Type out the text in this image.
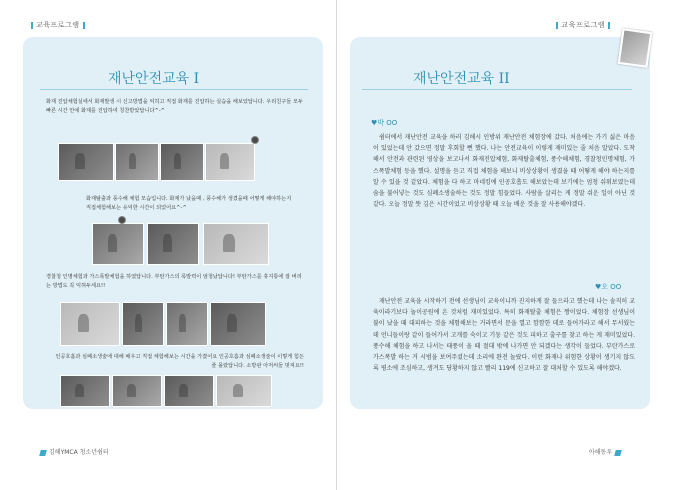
교육프로그램
재난안전교육 I
화재 진압체험실에서 화재발생 시 신고방법을 익히고 직접 화재를 진압하는 실습을 해보았답니다. 우리친구들 모두 빠른 시간 안에 화재를 진압하여 칭찬받았답니다^-^
화재탈출과 풍수해 체험 모습입니다. 화재가 났을때 , 풍수해가 생겼을때 어떻게 해야하는지 직접체험해보는 유익한 시간이 되었어요^-^
경찰청 인명체험과 가스폭발체험을 하였답니다. 부탄가스의 폭발력이 엄청났답니다! 부탄가스를 휴지통에 잘 버리는 방법도 꼭 익혀두세요!!
인공호흡과 심폐소생술에 대해 배우고 직접 체험해보는 시간을 가졌어요 인공호흡과 심폐소생술이 이렇게 힘든 줄 몰랐답니다. 소방관 아저씨들 멋져요!!
김해YMCA 청소년쉼터
교육프로그램
재난안전교육 II
♥박 OO
쉼터에서 재난안전 교육을 하러 김해시 인방위 재난안전 체험장에 갔다. 처음에는 가기 싫은 마음이 있었는데 안 갔으면 정말 후회할 뻔 했다. 나는 안전교육이 이렇게 재미있는 줄 처음 알았다. 도착해서 안전과 관련된 영상을 보고나서 화재진압체험, 화재탈출체험, 풍수해체험, 경찰청인명체험, 가스폭발체험 등을 했다. 설명을 듣고 직접 체험을 해보니 비상상황이 생겼을 때 어떻게 해야 하는지를 알 수 있을 것 같았다. 체험을 다 하고 마네킹에 인공호흡도 해보았는데 보기에는 엄청 쉬워보였는데 숨을 불어넣는 것도 심폐소생술하는 것도 정말 힘들었다. 사람을 살리는 게 정말 쉬운 일이 아닌 것 같다. 오늘 정말 뜻 깊은 시간이었고 비상상황 때 오늘 배운 것을 잘 사용해야겠다.
♥오 OO
재난안전 교육을 시작하기 전에 선생님이 교육이니까 진지하게 잘 들으라고 했는데 나는 솔직히 교육이라기보다 놀이공원에 온 것처럼 재미있었다. 특히 화재탈출 체험은 짱이었다. 체험장 선생님이 불이 났을 때 대피하는 것을 체험해보는 거라면서 문을 열고 깜깜한 데로 들어가라고 해서 무서웠는데 언니들이랑 같이 들어가서 고개를 숙이고 기둥 같은 것도 피하고 출구를 찾고 하는 게 재미있었다. 풍수해 체험을 하고 나서는 태풍이 올 때 절대 밖에 나가면 안 되겠다는 생각이 들었다. 부탄가스로 가스폭발 하는 거 시범을 보여주셨는데 소리에 완전 놀랐다. 이런 화재나 위험한 상황이 생기지 않도록 평소에 조심하고, 생겨도 당황하지 않고 빨리 119에 신고하고 잘 대처할 수 있도록 해야겠다.
아해동우
